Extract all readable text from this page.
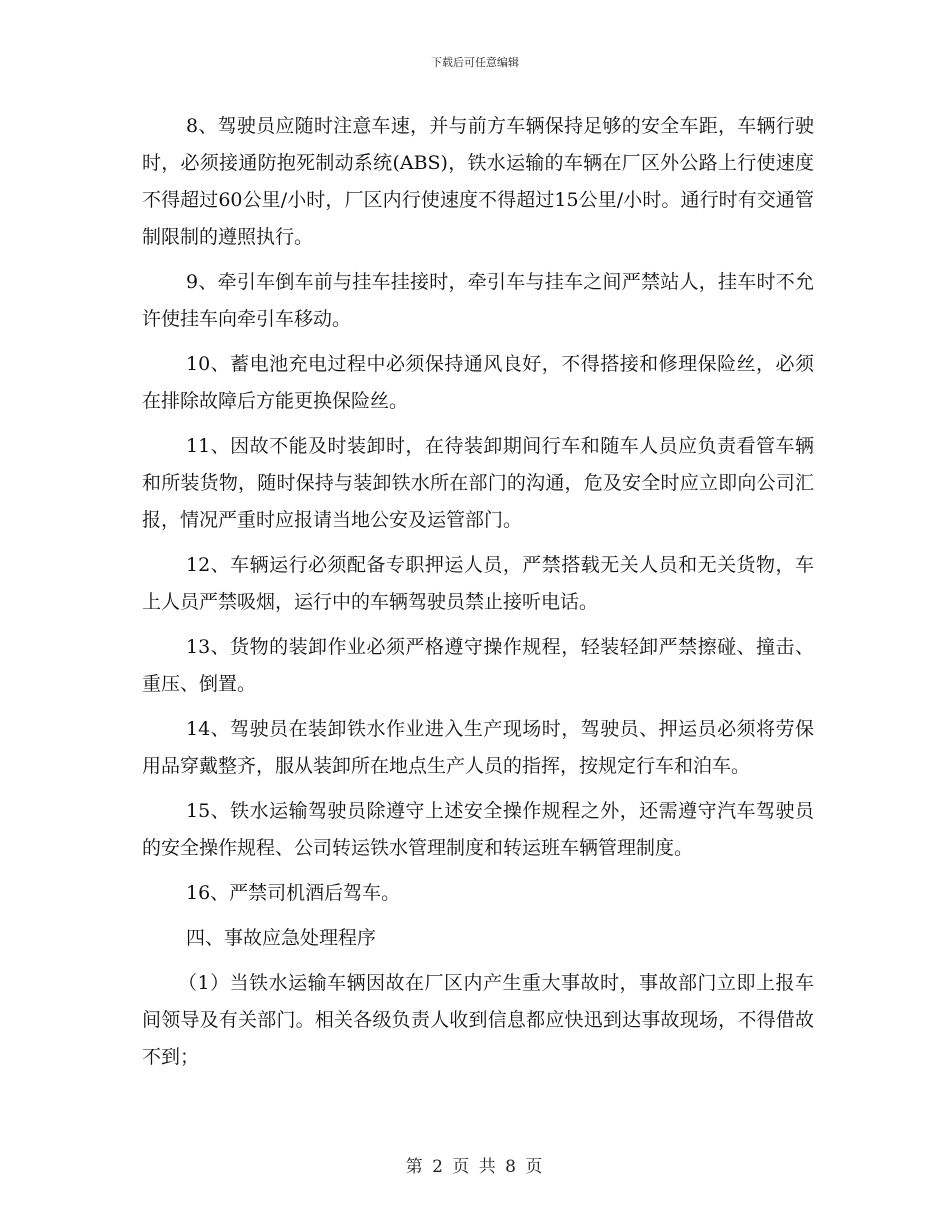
下载后可任意编辑

8、驾驶员应随时注意车速，并与前方车辆保持足够的安全车距，车辆行驶时，必须接通防抱死制动系统(ABS)，铁水运输的车辆在厂区外公路上行使速度不得超过60公里/小时，厂区内行使速度不得超过15公里/小时。通行时有交通管制限制的遵照执行。

9、牵引车倒车前与挂车挂接时，牵引车与挂车之间严禁站人，挂车时不允许使挂车向牵引车移动。

10、蓄电池充电过程中必须保持通风良好，不得搭接和修理保险丝，必须在排除故障后方能更换保险丝。

11、因故不能及时装卸时，在待装卸期间行车和随车人员应负责看管车辆和所装货物，随时保持与装卸铁水所在部门的沟通，危及安全时应立即向公司汇报，情况严重时应报请当地公安及运管部门。

12、车辆运行必须配备专职押运人员，严禁搭载无关人员和无关货物，车上人员严禁吸烟，运行中的车辆驾驶员禁止接听电话。

13、货物的装卸作业必须严格遵守操作规程，轻装轻卸严禁擦碰、撞击、重压、倒置。

14、驾驶员在装卸铁水作业进入生产现场时，驾驶员、押运员必须将劳保用品穿戴整齐，服从装卸所在地点生产人员的指挥，按规定行车和泊车。

15、铁水运输驾驶员除遵守上述安全操作规程之外，还需遵守汽车驾驶员的安全操作规程、公司转运铁水管理制度和转运班车辆管理制度。

16、严禁司机酒后驾车。

四、事故应急处理程序

（1）当铁水运输车辆因故在厂区内产生重大事故时，事故部门立即上报车间领导及有关部门。相关各级负责人收到信息都应快迅到达事故现场，不得借故不到；

第 2 页 共 8 页
